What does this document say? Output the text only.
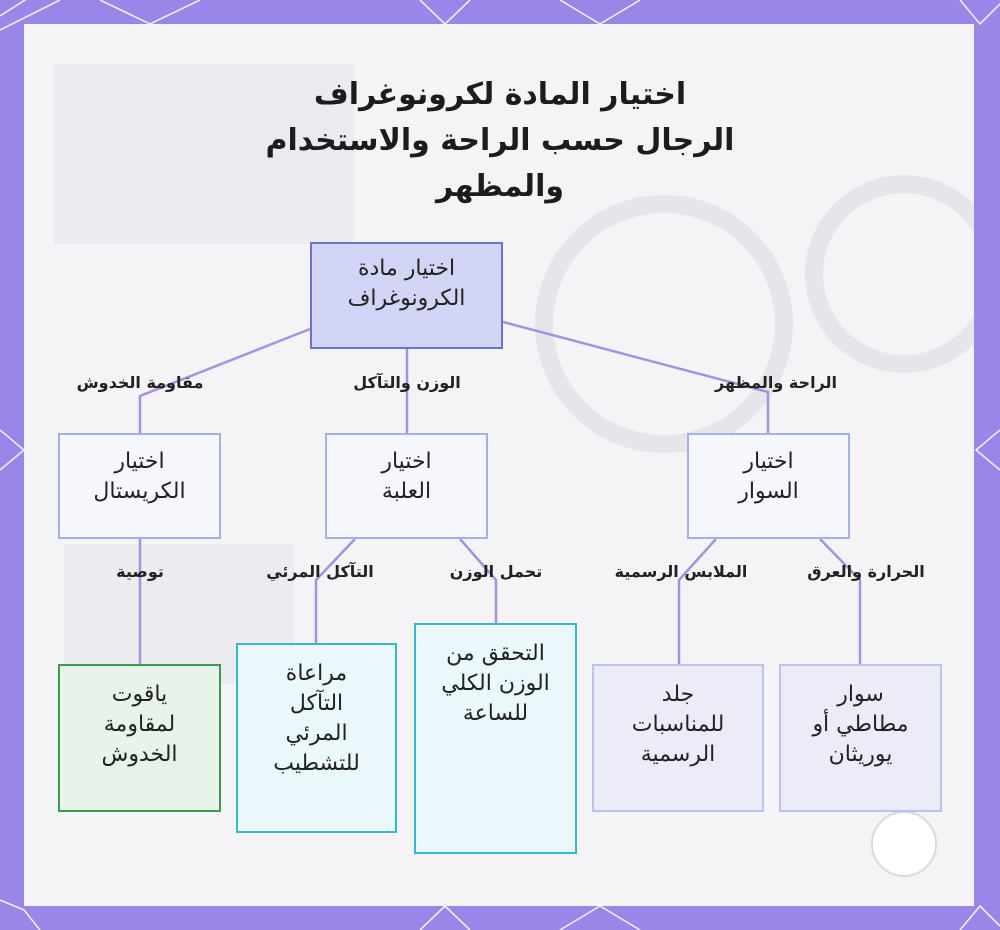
اختيار المادة لكرونوغراف
الرجال حسب الراحة والاستخدام
والمظهر
اختيار مادة
الكرونوغراف
مقاومة الخدوش	الوزن والتآكل	الراحة والمظهر
اختيار
الكريستال
اختيار
العلبة
اختيار
السوار
توصية	التآكل المرئي	تحمل الوزن	الملابس الرسمية	الحرارة والعرق
ياقوت
لمقاومة
الخدوش
مراعاة
التآكل
المرئي
للتشطيب
التحقق من
الوزن الكلي
للساعة
جلد
للمناسبات
الرسمية
سوار
مطاطي أو
يوريثان
